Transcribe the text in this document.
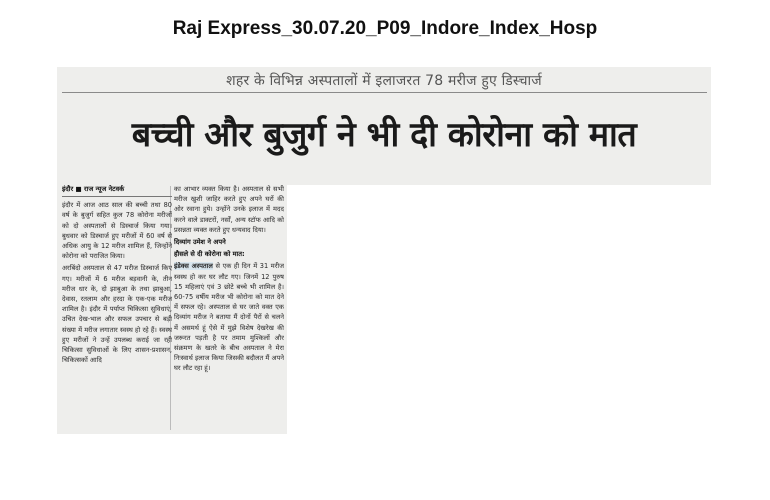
Raj Express_30.07.20_P09_Indore_Index_Hosp
शहर के विभिन्न अस्पतालों में इलाजरत 78 मरीज हुए डिस्चार्ज
बच्ची और बुजुर्ग ने भी दी कोरोना को मात

इंदौर ■ राज न्यूज नेटवर्क

इंदौर में आज आठ साल की बच्ची तथा 80 वर्ष के बुजुर्ग सहित कुल 78 कोरोना मरीजों को दो अस्पतालों से डिस्चार्ज किया गया। बुधवार को डिस्चार्ज हुए मरीजों में 60 वर्ष से अधिक आयु के 12 मरीज शामिल हैं, जिन्होंने कोरोना को पराजित किया।

अरबिंदो अस्पताल से 47 मरीज डिस्चार्ज किए गए। मरीजों में 6 मरीज बड़वानी के, तीन मरीज धार के, दो झाबुआ के तथा झाबुआ, देवास, रतलाम और हरदा के एक-एक मरीज शामिल है। इंदौर में पर्याप्त चिकित्सा सुविधाएं, उचित देख-भाल और सफल उपचार से बड़ी संख्या में मरीज लगातार स्वस्थ हो रहे हैं। स्वस्थ हुए मरीजों ने उन्हें उपलब्ध कराई जा रही चिकित्सा सुविधाओं के लिए शासन-प्रशासन, चिकित्सकों आदि

का आभार व्यक्त किया है। अस्पताल से सभी मरीज खुशी जाहिर करते हुए अपने घरों की ओर रवाना हुये। उन्होंने उनके इलाज में मदद करने वाले डाक्टरों, नर्सों, अन्य स्टॉफ आदि को प्रसन्नता व्यक्त करते हुए धन्यवाद दिया।

दिव्यांग उमेश ने अपने

हौसले से दी कोरोना को मात:

इंडेक्स अस्पताल से एक ही दिन में 31 मरीज स्वस्थ हो कर घर लौट गए। जिनमें 12 पुरुष 15 महिलाएं एवं 3 छोटे बच्चे भी शामिल है। 60-75 वर्षीय मरीज भी कोरोना को मात देने में सफल रहे। अस्पताल से घर जाते वक्त एक दिव्यांग मरीज ने बताया मैं दोनों पैरों से चलने में असमर्थ हूं ऐसे में मुझे विशेष देखरेख की जरूरत पड़ती है पर तमाम मुश्किलों और संक्रमण के खतरे के बीच अस्पताल ने मेरा निःस्वार्थ इलाज किया जिसकी बदौलत मैं अपने घर लौट रहा हूं।
